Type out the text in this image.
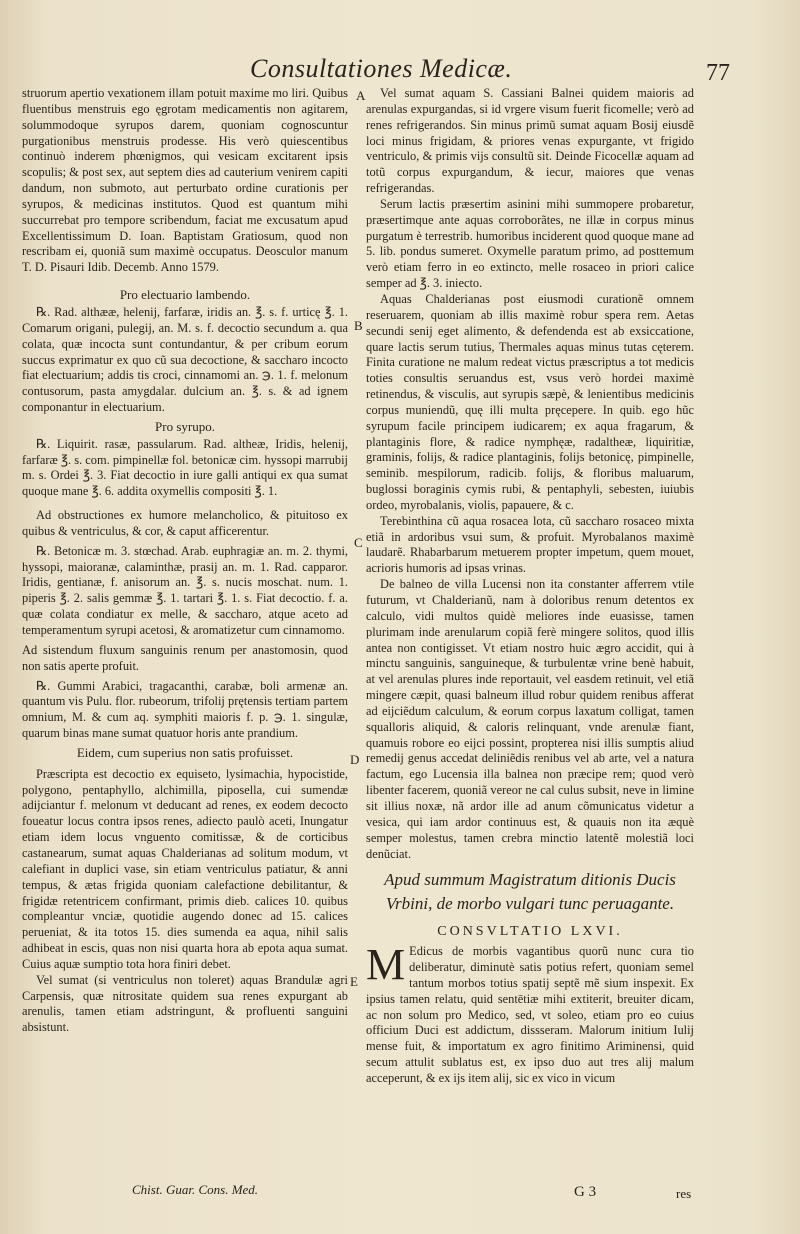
Consultationes Medicæ.	77
A
B
C
D
E

struorum apertio vexationem illam potuit maxime mo liri. Quibus fluentibus menstruis ego ęgrotam medicamentis non agitarem, solummodoque syrupos darem, quoniam cognoscuntur purgationibus menstruis prodesse. His verò quiescentibus continuò inderem phœnigmos, qui vesicam excitarent ipsis scopulis; & post sex, aut septem dies ad cauterium venirem capiti dandum, non submoto, aut perturbato ordine curationis per syrupos, & medicinas institutos. Quod est quantum mihi succurrebat pro tempore scribendum, faciat me excusatum apud Excellentissimum D. Ioan. Baptistam Gratiosum, quod non rescribam ei, quoniã sum maximè occupatus. Deosculor manum T. D. Pisauri Idib. Decemb. Anno 1579.

Pro electuario lambendo.

℞. Rad. althææ, helenij, farfaræ, iridis an. ℥. s. f. urticę ℥. 1. Comarum origani, pulegij, an. M. s. f. decoctio secundum a. qua colata, quæ incocta sunt contundantur, & per cribum eorum succus exprimatur ex quo cũ sua decoctione, & saccharo incocto fiat electuarium; addis tis croci, cinnamomi an. ℈. 1. f. melonum contusorum, pasta amygdalar. dulcium an. ℥. s. & ad ignem componantur in electuarium.

Pro syrupo.

℞. Liquirit. rasæ, passularum. Rad. altheæ, Iridis, helenij, farfaræ ℥. s. com. pimpinellæ fol. betonicæ cim. hyssopi marrubij m. s. Ordei ℥. 3. Fiat decoctio in iure galli antiqui ex qua sumat quoque mane ℥. 6. addita oxymellis compositi ℥. 1.

Ad obstructiones ex humore melancholico, & pituitoso ex quibus & ventriculus, & cor, & caput afficerentur.

℞. Betonicæ m. 3. stœchad. Arab. euphragiæ an. m. 2. thymi, hyssopi, maioranæ, calaminthæ, prasij an. m. 1. Rad. capparor. Iridis, gentianæ, f. anisorum an. ℥. s. nucis moschat. num. 1. piperis ℥. 2. salis gemmæ ℥. 1. tartari ℥. 1. s. Fiat decoctio. f. a. quæ colata condiatur ex melle, & saccharo, atque aceto ad temperamentum syrupi acetosi, & aromatizetur cum cinnamomo.

Ad sistendum fluxum sanguinis renum per anastomosin, quod non satis aperte profuit.

℞. Gummi Arabici, tragacanthi, carabæ, boli armenæ an. quantum vis Pulu. flor. rubeorum, trifolij prętensis tertiam partem omnium, M. & cum aq. symphiti maioris f. p. ℈. 1. singulæ, quarum binas mane sumat quatuor horis ante prandium.

Eidem, cum superius non satis profuisset.

Præscripta est decoctio ex equiseto, lysimachia, hypocistide, polygono, pentaphyllo, alchimilla, piposella, cui sumendæ adijciantur f. melonum vt deducant ad renes, ex eodem decocto foueatur locus contra ipsos renes, adiecto paulò aceti, Inungatur etiam idem locus vnguento comitissæ, & de corticibus castanearum, sumat aquas Chalderianas ad solitum modum, vt calefiant in duplici vase, sin etiam ventriculus patiatur, & anni tempus, & ætas frigida quoniam calefactione debilitantur, & frigidæ retentricem confirmant, primis dieb. calices 10. quibus compleantur vnciæ, quotidie augendo donec ad 15. calices perueniat, & ita totos 15. dies sumenda ea aqua, nihil salis adhibeat in escis, quas non nisi quarta hora ab epota aqua sumat. Cuius aquæ sumptio tota hora finiri debet.

Vel sumat (si ventriculus non toleret) aquas Brandulæ agri Carpensis, quæ nitrositate quidem sua renes expurgant ab arenulis, tamen etiam adstringunt, & profluenti sanguini absistunt.

Vel sumat aquam S. Cassiani Balnei quidem maioris ad arenulas expurgandas, si id vrgere visum fuerit ficomelle; verò ad renes refrigerandos. Sin minus primũ sumat aquam Bosij eiusdẽ loci minus frigidam, & priores venas expurgante, vt frigido ventriculo, & primis vijs consultũ sit. Deinde Ficocellæ aquam ad totũ corpus expurgandum, & iecur, maiores que venas refrigerandas.

Serum lactis præsertim asinini mihi summopere probaretur, præsertimque ante aquas corroborãtes, ne illæ in corpus minus purgatum è terrestrib. humoribus inciderent quod quoque mane ad 5. lib. pondus sumeret. Oxymelle paratum primo, ad posttemum verò etiam ferro in eo extincto, melle rosaceo in priori calice semper ad ℥. 3. iniecto.

Aquas Chalderianas post eiusmodi curationẽ omnem reseruarem, quoniam ab illis maximè robur spera rem. Aetas secundi senij eget alimento, & defendenda est ab exsiccatione, quare lactis serum tutius, Thermales aquas minus tutas cęterem. Finita curatione ne malum redeat victus præscriptus a tot medicis toties consultis seruandus est, vsus verò hordei maximè retinendus, & visculis, aut syrupis sæpè, & lenientibus medicinis corpus muniendũ, quę illi multa pręcepere. In quib. ego hũc syrupum facile principem iudicarem; ex aqua fragarum, & plantaginis flore, & radice nymphęæ, radaltheæ, liquiritiæ, graminis, folijs, & radice plantaginis, folijs betonicę, pimpinelle, seminib. mespilorum, radicib. folijs, & floribus maluarum, buglossi boraginis cymis rubi, & pentaphyli, sebesten, iuiubis ordeo, myrobalanis, violis, papauere, & c.

Terebinthina cũ aqua rosacea lota, cũ saccharo rosaceo mixta etiã in ardoribus vsui sum, & profuit. Myrobalanos maximè laudarẽ. Rhabarbarum metuerem propter impetum, quem mouet, acrioris humoris ad ipsas vrinas.

De balneo de villa Lucensi non ita constanter afferrem vtile futurum, vt Chalderianũ, nam à doloribus renum detentos ex calculo, vidi multos quidè meliores inde euasisse, tamen plurimam inde arenularum copiã ferè mingere solitos, quod illis antea non contigisset. Vt etiam nostro huic ægro accidit, qui à minctu sanguinis, sanguineque, & turbulentæ vrine benè habuit, at vel arenulas plures inde reportauit, vel easdem retinuit, vel etiã mingere cæpit, quasi balneum illud robur quidem renibus afferat ad eijciẽdum calculum, & eorum corpus laxatum colligat, tamen squalloris aliquid, & caloris relinquant, vnde arenulæ fiant, quamuis robore eo eijci possint, propterea nisi illis sumptis aliud remedij genus accedat deliniẽdis renibus vel ab arte, vel a natura factum, ego Lucensia illa balnea non præcipe rem; quod verò libenter facerem, quoniã vereor ne cal culus subsit, neve in limine sit illius noxæ, nã ardor ille ad anum cõmunicatus videtur a vesica, qui iam ardor continuus est, & quauis non ita æquè semper molestus, tamen crebra minctio latentẽ molestiã loci denũciat.

Apud summum Magistratum ditionis Ducis Vrbini, de morbo vulgari tunc peruagante.

CONSVLTATIO LXVI.

M Edicus de morbis vagantibus quorũ nunc cura tio deliberatur, diminutè satis potius refert, quoniam semel tantum morbos totius spatij septẽ mẽ sium inspexit. Ex ipsius tamen relatu, quid sentētiæ mihi extiterit, breuiter dicam, ac non solum pro Medico, sed, vt soleo, etiam pro eo cuius officium Duci est addictum, dissseram. Malorum initium Iulij mense fuit, & importatum ex agro finitimo Ariminensi, quid secum attulit sublatus est, ex ipso duo aut tres alij malum acceperunt, & ex ijs item alij, sic ex vico in vicum

Chist. Guar. Cons. Med.	G 3	res
